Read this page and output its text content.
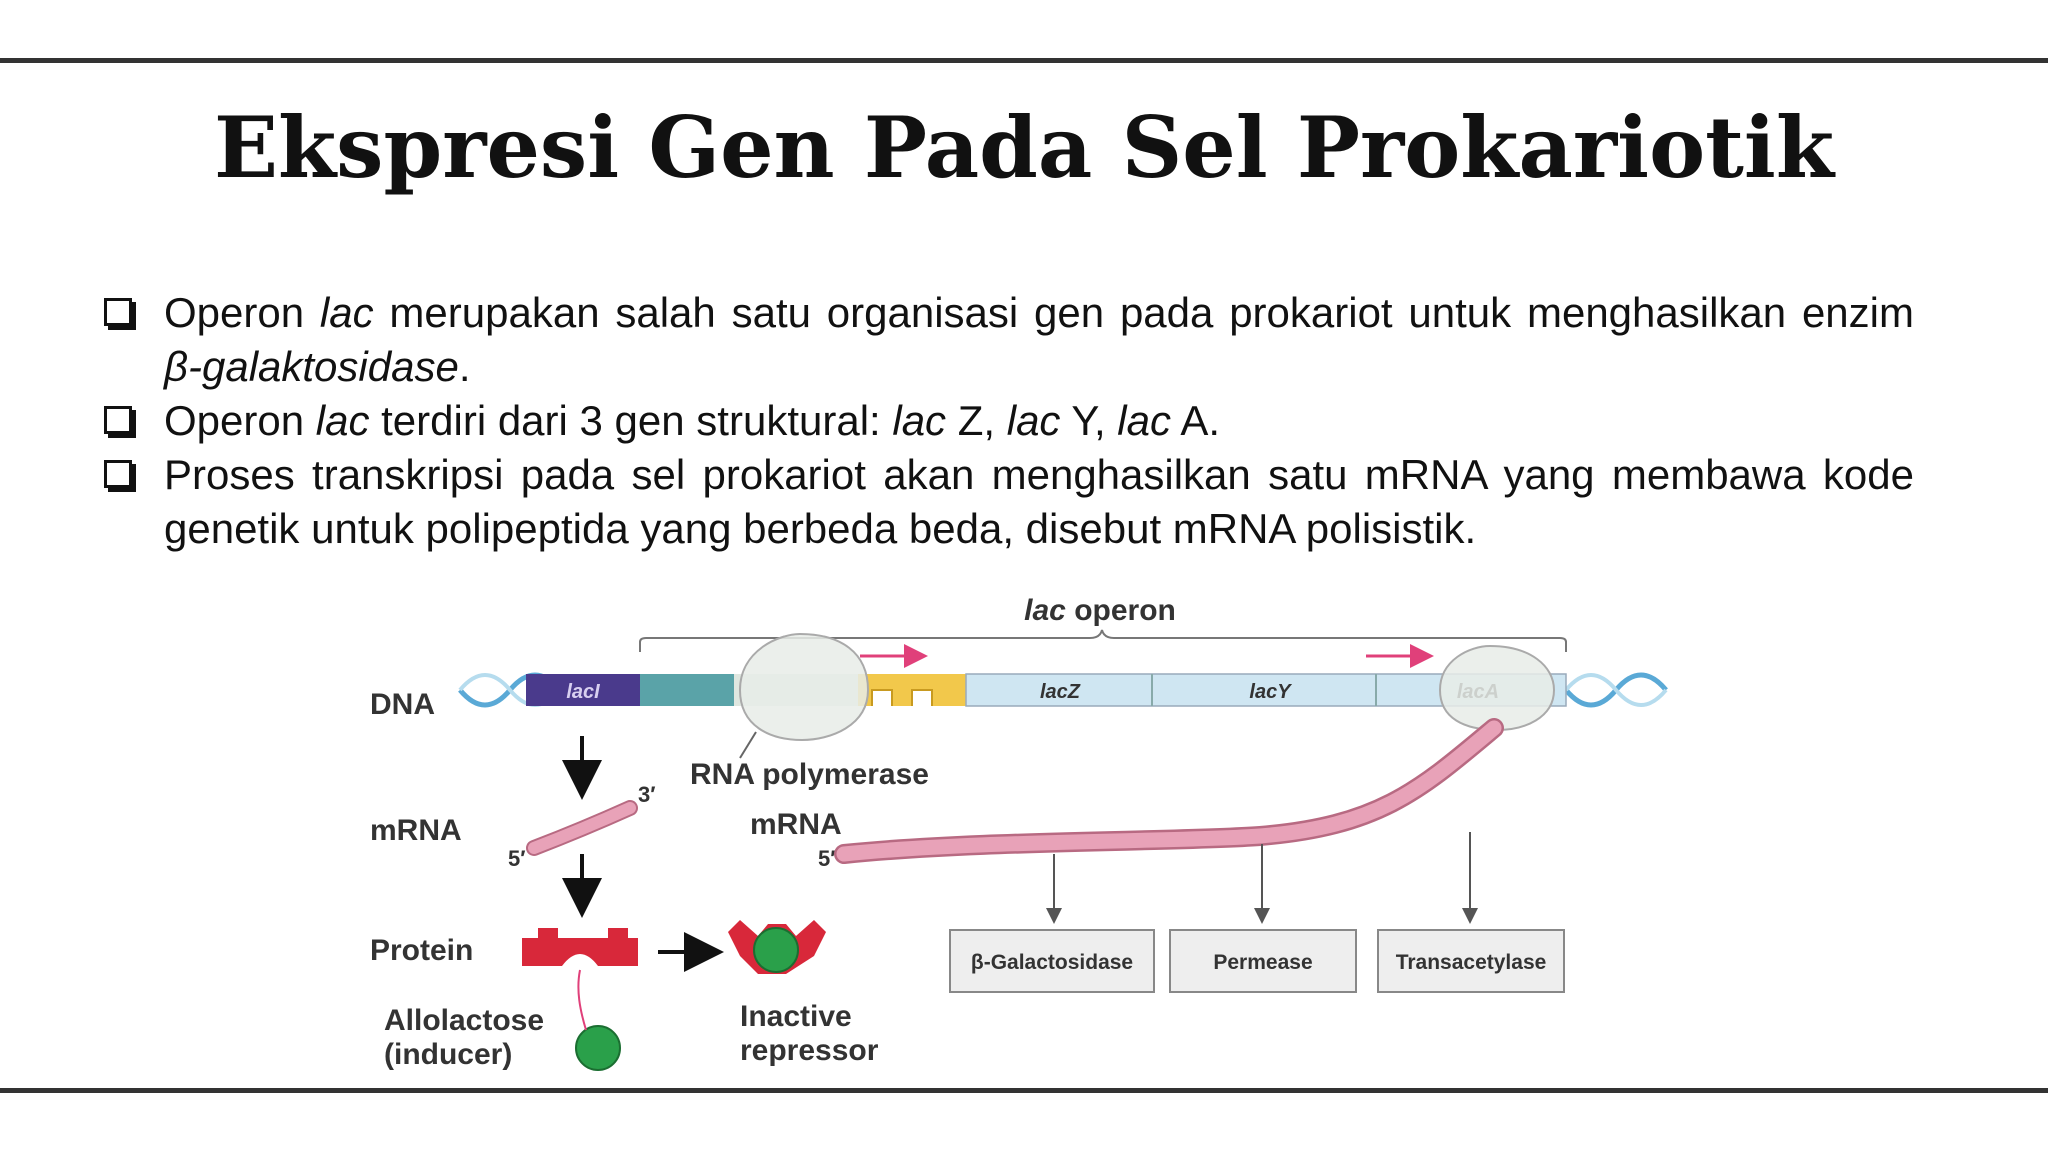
Ekspresi Gen Pada Sel Prokariotik
Operon lac merupakan salah satu organisasi gen pada prokariot untuk menghasilkan enzim β-galaktosidase.
Operon lac terdiri dari 3 gen struktural: lac Z, lac Y, lac A.
Proses transkripsi pada sel prokariot akan menghasilkan satu mRNA yang membawa kode genetik untuk polipeptida yang berbeda beda, disebut mRNA polisistik.
lac operon
DNA	lacI	lacZ	lacY
RNA polymerase
mRNA
3′
5′
Protein
Inactive
repressor
Allolactose
(inducer)
mRNA
5′
β-Galactosidase	Permease	Transacetylase
